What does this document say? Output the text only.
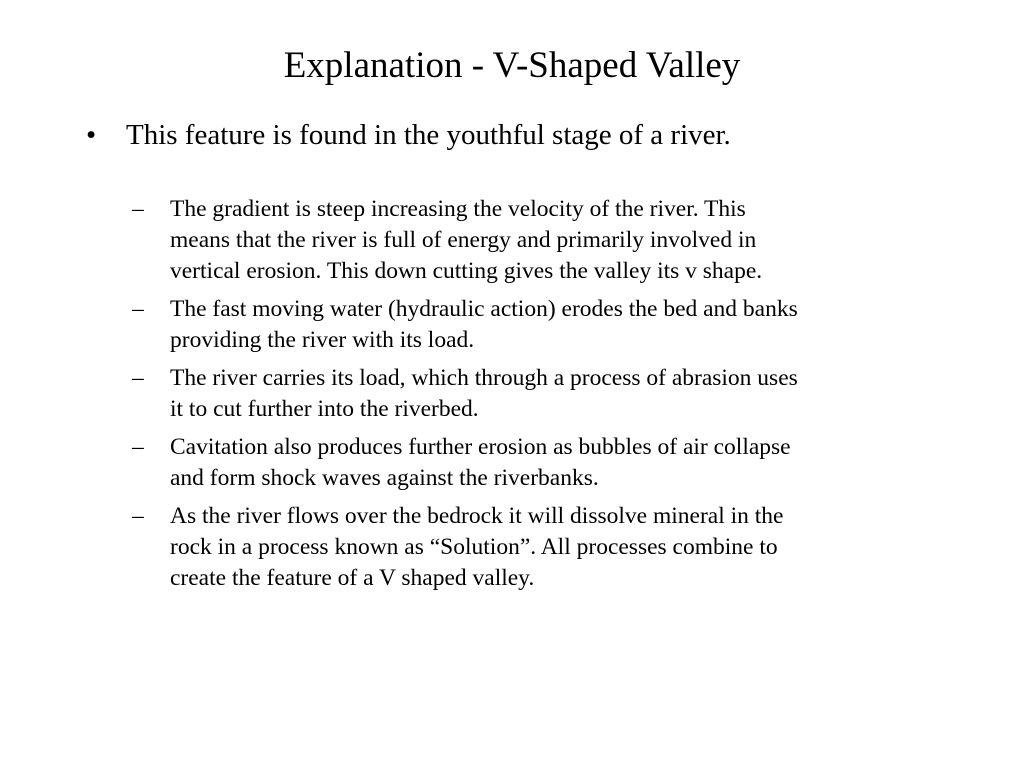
Explanation - V-Shaped Valley
•	This feature is found in the youthful stage of a river.
–	The gradient is steep increasing the velocity of the river. This
means that the river is full of energy and primarily involved in
vertical erosion. This down cutting gives the valley its v shape.
–	The fast moving water (hydraulic action) erodes the bed and banks
providing the river with its load.
–	The river carries its load, which through a process of abrasion uses
it to cut further into the riverbed.
–	Cavitation also produces further erosion as bubbles of air collapse
and form shock waves against the riverbanks.
–	As the river flows over the bedrock it will dissolve mineral in the
rock in a process known as “Solution”. All processes combine to
create the feature of a V shaped valley.
